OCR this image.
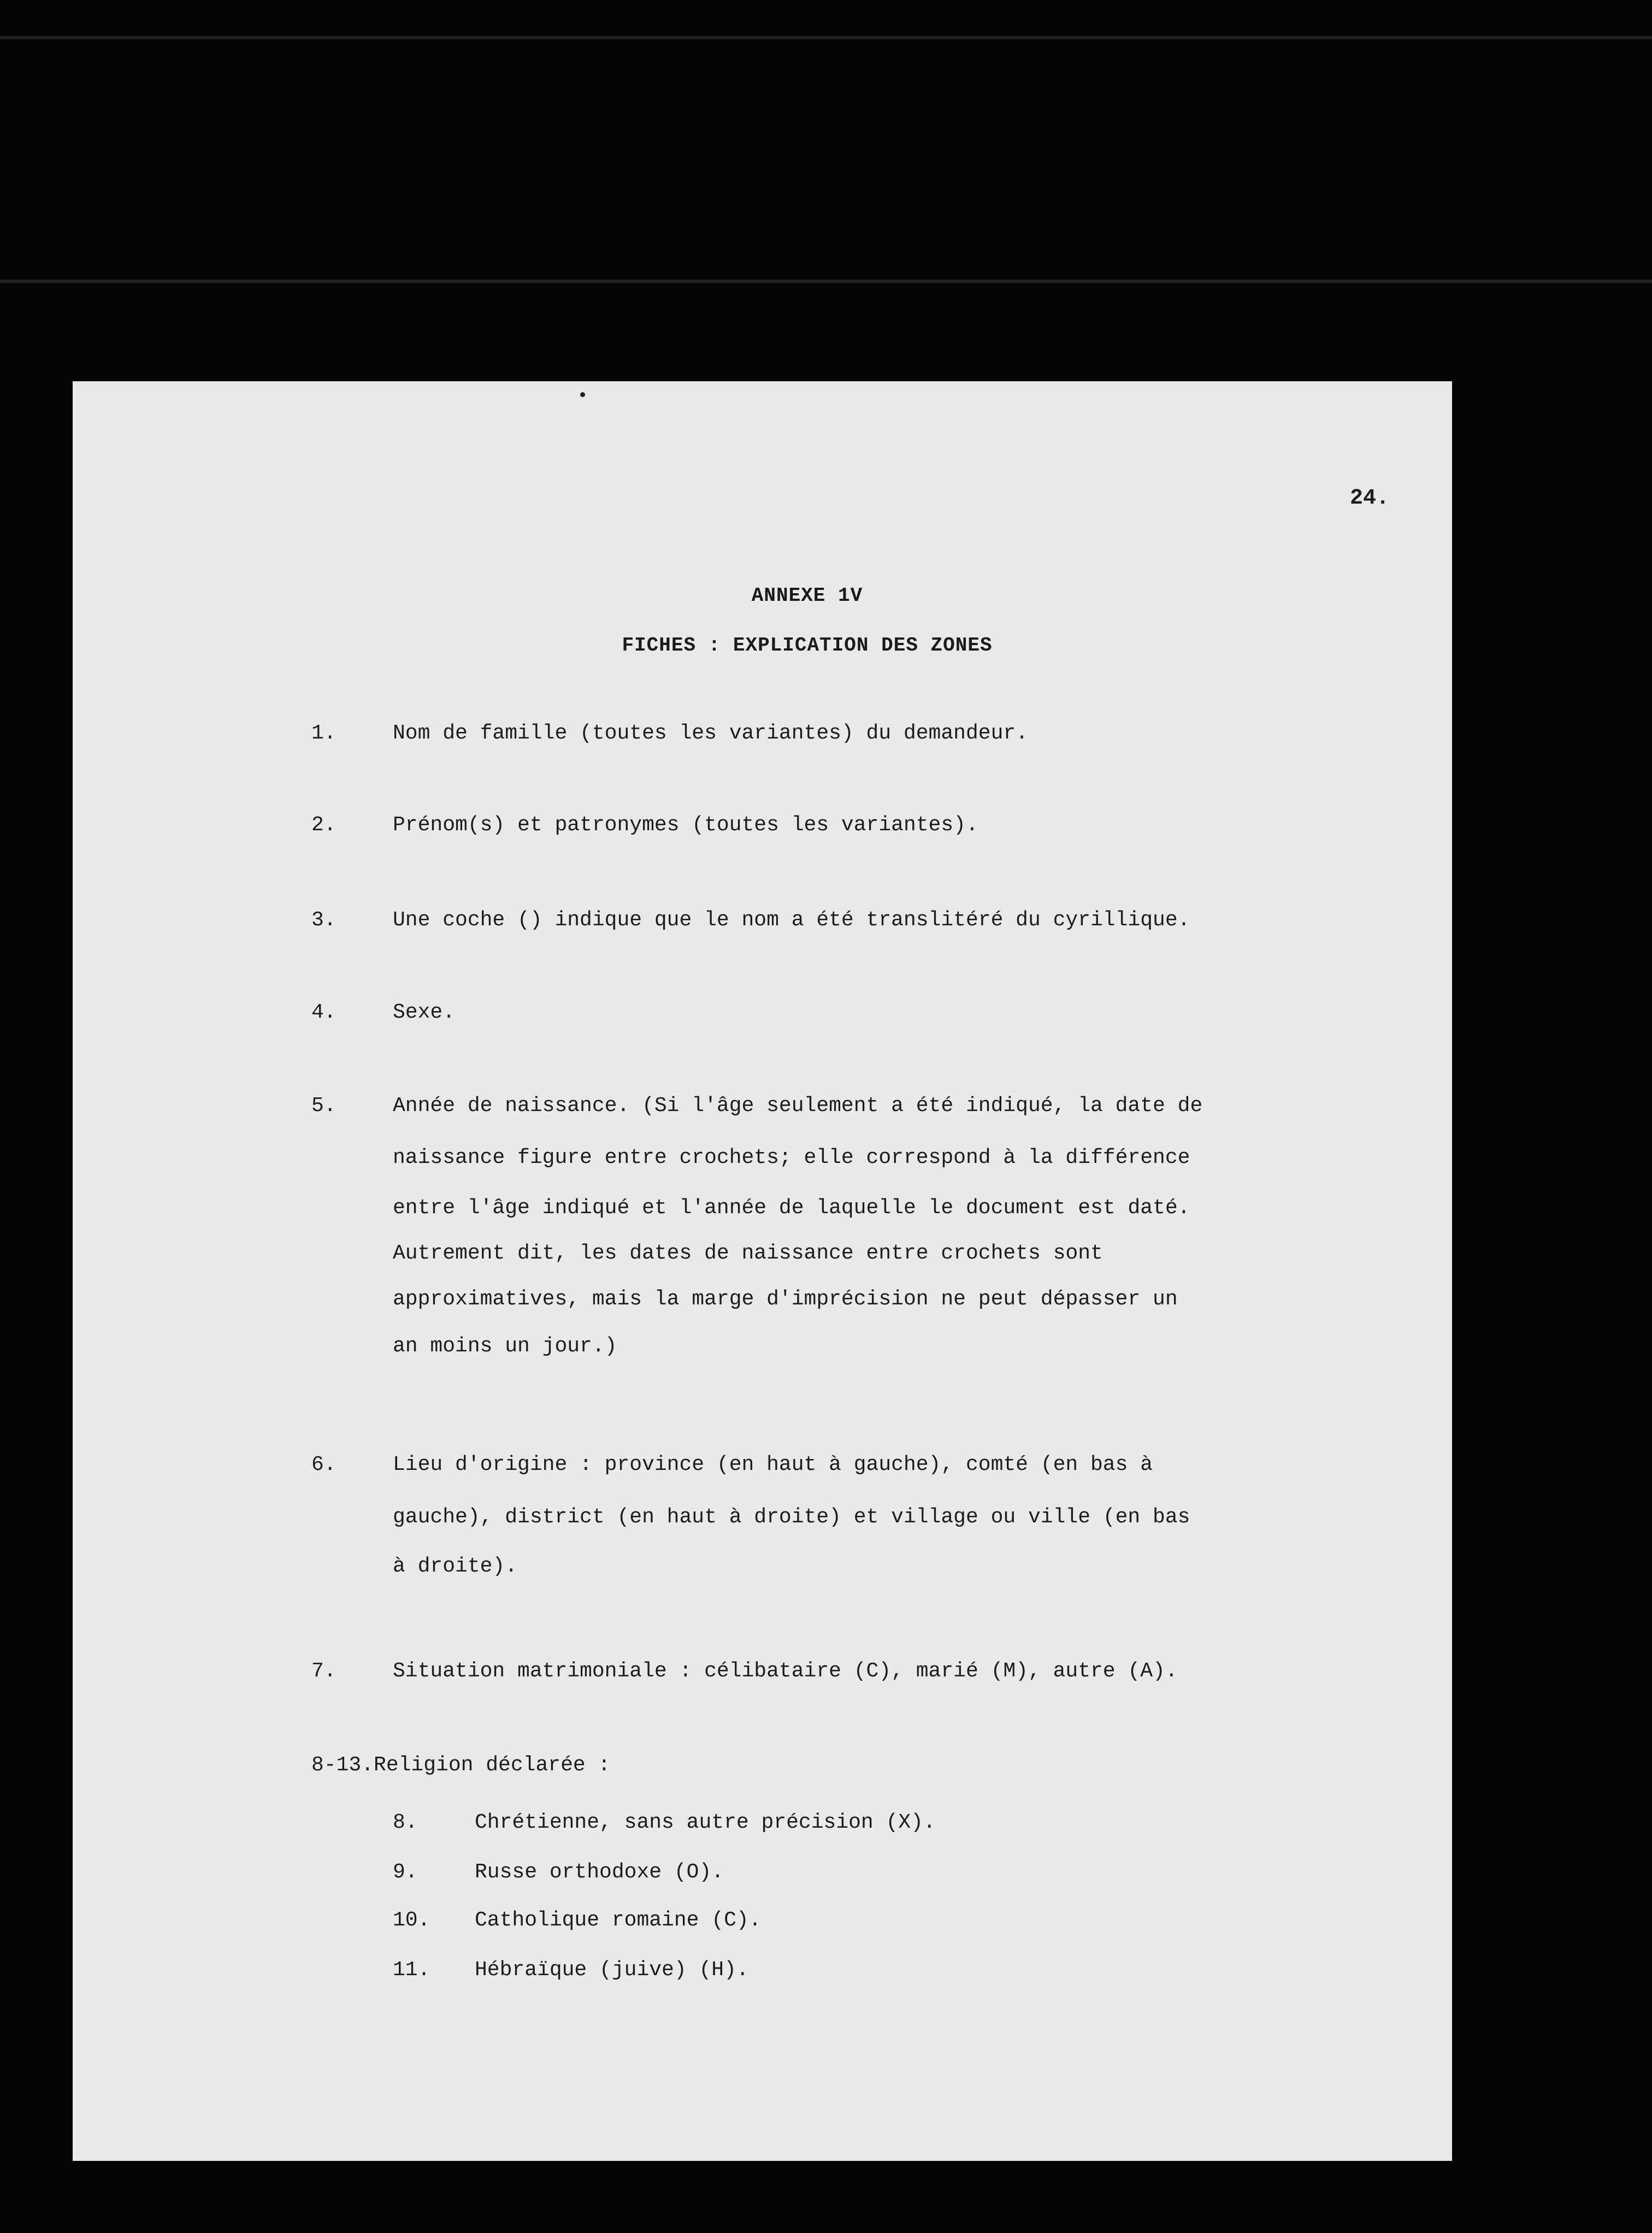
24.
ANNEXE 1V
FICHES : EXPLICATION DES ZONES
1.	Nom de famille (toutes les variantes) du demandeur.
2.	Prénom(s) et patronymes (toutes les variantes).
3.	Une coche () indique que le nom a été translitéré du cyrillique.
4.	Sexe.
5.	Année de naissance. (Si l'âge seulement a été indiqué, la date de
naissance figure entre crochets; elle correspond à la différence
entre l'âge indiqué et l'année de laquelle le document est daté.
Autrement dit, les dates de naissance entre crochets sont
approximatives, mais la marge d'imprécision ne peut dépasser un
an moins un jour.)
6.	Lieu d'origine : province (en haut à gauche), comté (en bas à
gauche), district (en haut à droite) et village ou ville (en bas
à droite).
7.	Situation matrimoniale : célibataire (C), marié (M), autre (A).
8-13.Religion déclarée :
8.	Chrétienne, sans autre précision (X).
9.	Russe orthodoxe (O).
10. Catholique romaine (C).
11. Hébraïque (juive) (H).
